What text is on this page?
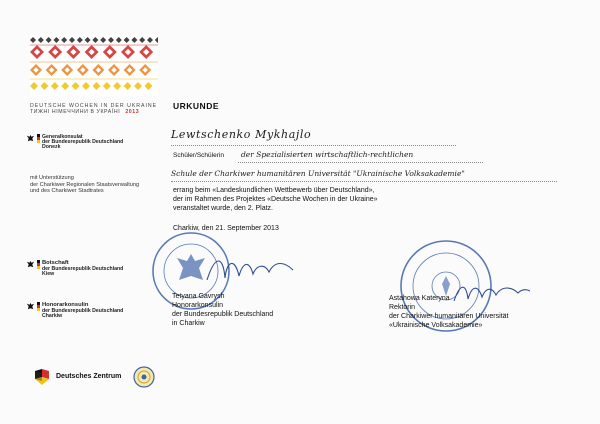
DEUTSCHE WOCHEN IN DER UKRAINE
ТИЖНІ НІМЕЧЧИНИ В УКРАЇНІ 2013
URKUNDE
Generalkonsulat
der Bundesrepublik Deutschland
Donezk
mit Unterstützung
der Charkiwer Regionalen Staatsverwaltung
und des Charkiwer Stadtrates
Botschaft
der Bundesrepublik Deutschland
Kiew
Honorarkonsulin
der Bundesrepublik Deutschland
Charkiw
Deutsches Zentrum
Lewtschenko Mykhajlo
Schüler/Schülerin der Spezialisierten wirtschaftlich-rechtlichen
Schule der Charkiwer humanitären Universität "Ukrainische Volksakademie"
errang beim «Landeskundlichen Wettbewerb über Deutschland»,
der im Rahmen des Projektes «Deutsche Wochen in der Ukraine»
veranstaltet wurde, den 2. Platz.
Charkiw, den 21. September 2013
Tetyana Gavrysh
Honorarkonsulin
der Bundesrepublik Deutschland
in Charkiw
Astahowa Kateryna
Rektorin
der Charkiwer humanitären Universität
«Ukrainische Volksakademie»
